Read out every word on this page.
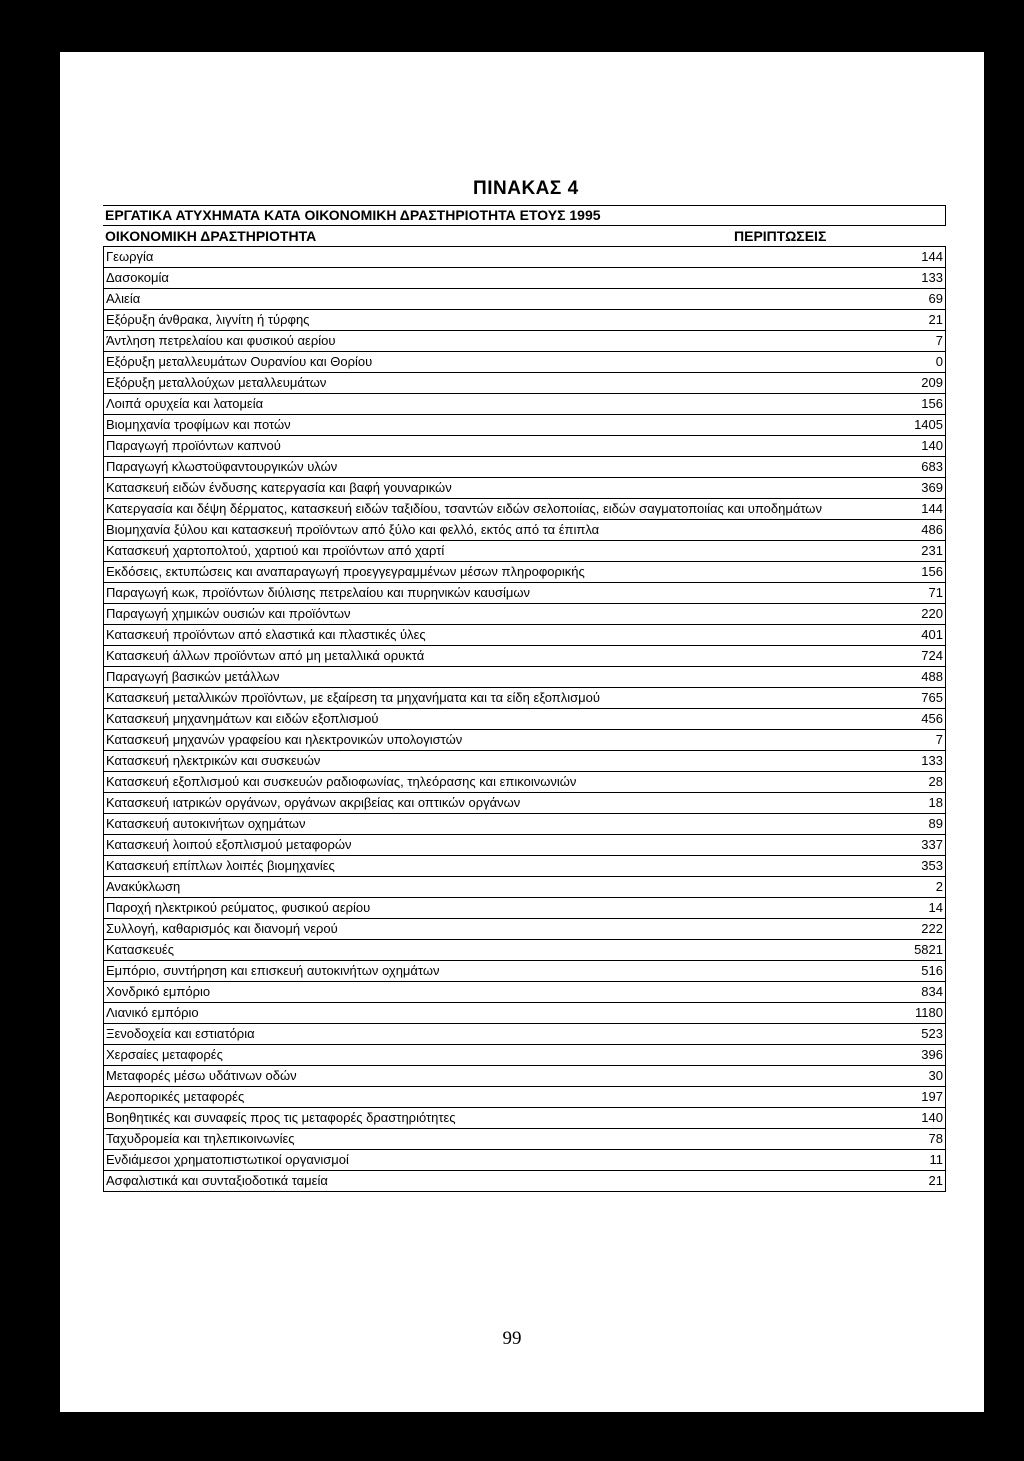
ΠΙΝΑΚΑΣ 4
ΕΡΓΑΤΙΚΑ ΑΤΥΧΗΜΑΤΑ ΚΑΤΑ ΟΙΚΟΝΟΜΙΚΗ ΔΡΑΣΤΗΡΙΟΤΗΤΑ ΕΤΟΥΣ 1995
ΟΙΚΟΝΟΜΙΚΗ ΔΡΑΣΤΗΡΙΟΤΗΤΑ	ΠΕΡΙΠΤΩΣΕΙΣ
Γεωργία	144
Δασοκομία	133
Αλιεία	69
Εξόρυξη άνθρακα, λιγνίτη ή τύρφης	21
Άντληση πετρελαίου και φυσικού αερίου	7
Εξόρυξη μεταλλευμάτων Ουρανίου και Θορίου	0
Εξόρυξη μεταλλούχων μεταλλευμάτων	209
Λοιπά ορυχεία και λατομεία	156
Βιομηχανία τροφίμων και ποτών	1405
Παραγωγή προϊόντων καπνού	140
Παραγωγή κλωστοϋφαντουργικών υλών	683
Κατασκευή ειδών ένδυσης κατεργασία και βαφή γουναρικών	369
Κατεργασία και δέψη δέρματος, κατασκευή ειδών ταξιδίου, τσαντών ειδών σελοποιίας, ειδών σαγματοποιίας και υποδημάτων	144
Βιομηχανία ξύλου και κατασκευή προϊόντων από ξύλο και φελλό, εκτός από τα έπιπλα	486
Κατασκευή χαρτοπολτού, χαρτιού και προϊόντων από χαρτί	231
Εκδόσεις, εκτυπώσεις και αναπαραγωγή προεγγεγραμμένων μέσων πληροφορικής	156
Παραγωγή κωκ, προϊόντων διύλισης πετρελαίου και πυρηνικών καυσίμων	71
Παραγωγή χημικών ουσιών και προϊόντων	220
Κατασκευή προϊόντων από ελαστικά και πλαστικές ύλες	401
Κατασκευή άλλων προϊόντων από μη μεταλλικά ορυκτά	724
Παραγωγή βασικών μετάλλων	488
Κατασκευή μεταλλικών προϊόντων, με εξαίρεση τα μηχανήματα και τα είδη εξοπλισμού	765
Κατασκευή μηχανημάτων και ειδών εξοπλισμού	456
Κατασκευή μηχανών γραφείου και ηλεκτρονικών υπολογιστών	7
Κατασκευή ηλεκτρικών και συσκευών	133
Κατασκευή εξοπλισμού και συσκευών ραδιοφωνίας, τηλεόρασης και επικοινωνιών	28
Κατασκευή ιατρικών οργάνων, οργάνων ακριβείας και οπτικών οργάνων	18
Κατασκευή αυτοκινήτων οχημάτων	89
Κατασκευή λοιπού εξοπλισμού μεταφορών	337
Κατασκευή επίπλων λοιπές βιομηχανίες	353
Ανακύκλωση	2
Παροχή ηλεκτρικού ρεύματος, φυσικού αερίου	14
Συλλογή, καθαρισμός και διανομή νερού	222
Κατασκευές	5821
Εμπόριο, συντήρηση και επισκευή αυτοκινήτων οχημάτων	516
Χονδρικό εμπόριο	834
Λιανικό εμπόριο	1180
Ξενοδοχεία και εστιατόρια	523
Χερσαίες μεταφορές	396
Μεταφορές μέσω υδάτινων οδών	30
Αεροπορικές μεταφορές	197
Βοηθητικές και συναφείς προς τις μεταφορές δραστηριότητες	140
Ταχυδρομεία και τηλεπικοινωνίες	78
Ενδιάμεσοι χρηματοπιστωτικοί οργανισμοί	11
Ασφαλιστικά και συνταξιοδοτικά ταμεία	21
99
